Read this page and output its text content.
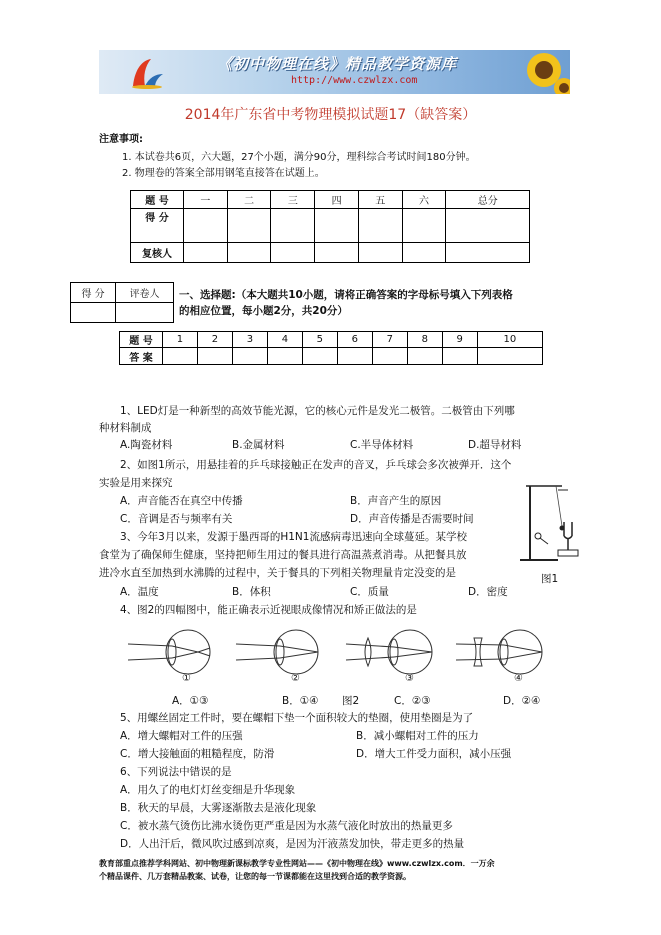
《初中物理在线》精品教学资源库
http://www.czwlzx.com
2014年广东省中考物理模拟试题17（缺答案）
注意事项:
1. 本试卷共6页，六大题，27个小题，满分90分，理科综合考试时间180分钟。
2. 物理卷的答案全部用钢笔直接答在试题上。
题 号	一	二	三	四	五	六	总分
得 分							
复核人							
得 分	评卷人
	一、选择题:（本大题共10小题，请将正确答案的字母标号填入下列表格
的相应位置，每小题2分，共20分）
题 号	1	2	3	4	5	6	7	8	9	10
答 案										
1、LED灯是一种新型的高效节能光源，它的核心元件是发光二极管。二极管由下列哪
种材料制成
A.陶瓷材料	B.金属材料	C.半导体材料	D.超导材料
2、如图1所示，用悬挂着的乒乓球接触正在发声的音叉，乒乓球会多次被弹开．这个
实验是用来探究
A．声音能否在真空中传播	B．声音产生的原因
C．音调是否与频率有关	D．声音传播是否需要时间
3、今年3月以来，发源于墨西哥的H1N1流感病毒迅速向全球蔓延。某学校
食堂为了确保师生健康，坚持把师生用过的餐具进行高温蒸煮消毒。从把餐具放
进冷水直至加热到水沸腾的过程中，关于餐具的下列相关物理量肯定没变的是	图1
A．温度	B．体积	C．质量	D．密度
4、图2的四幅图中，能正确表示近视眼成像情况和矫正做法的是
①	②	③	④
A．①③	B．①④ 图2	C．②③	D．②④
5、用螺丝固定工件时，要在螺帽下垫一个面积较大的垫圈，使用垫圈是为了
A．增大螺帽对工件的压强	B．减小螺帽对工件的压力
C．增大接触面的粗糙程度，防滑	D．增大工件受力面积，减小压强
6、下列说法中错误的是
A．用久了的电灯灯丝变细是升华现象
B．秋天的早晨，大雾逐渐散去是液化现象
C．被水蒸气烫伤比沸水烫伤更严重是因为水蒸气液化时放出的热量更多
D．人出汗后，微风吹过感到凉爽，是因为汗液蒸发加快，带走更多的热量
教育部重点推荐学科网站、初中物理新课标教学专业性网站——《初中物理在线》www.czwlzx.com．一万余
个精品课件、几万套精品教案、试卷，让您的每一节课都能在这里找到合适的教学资源。
